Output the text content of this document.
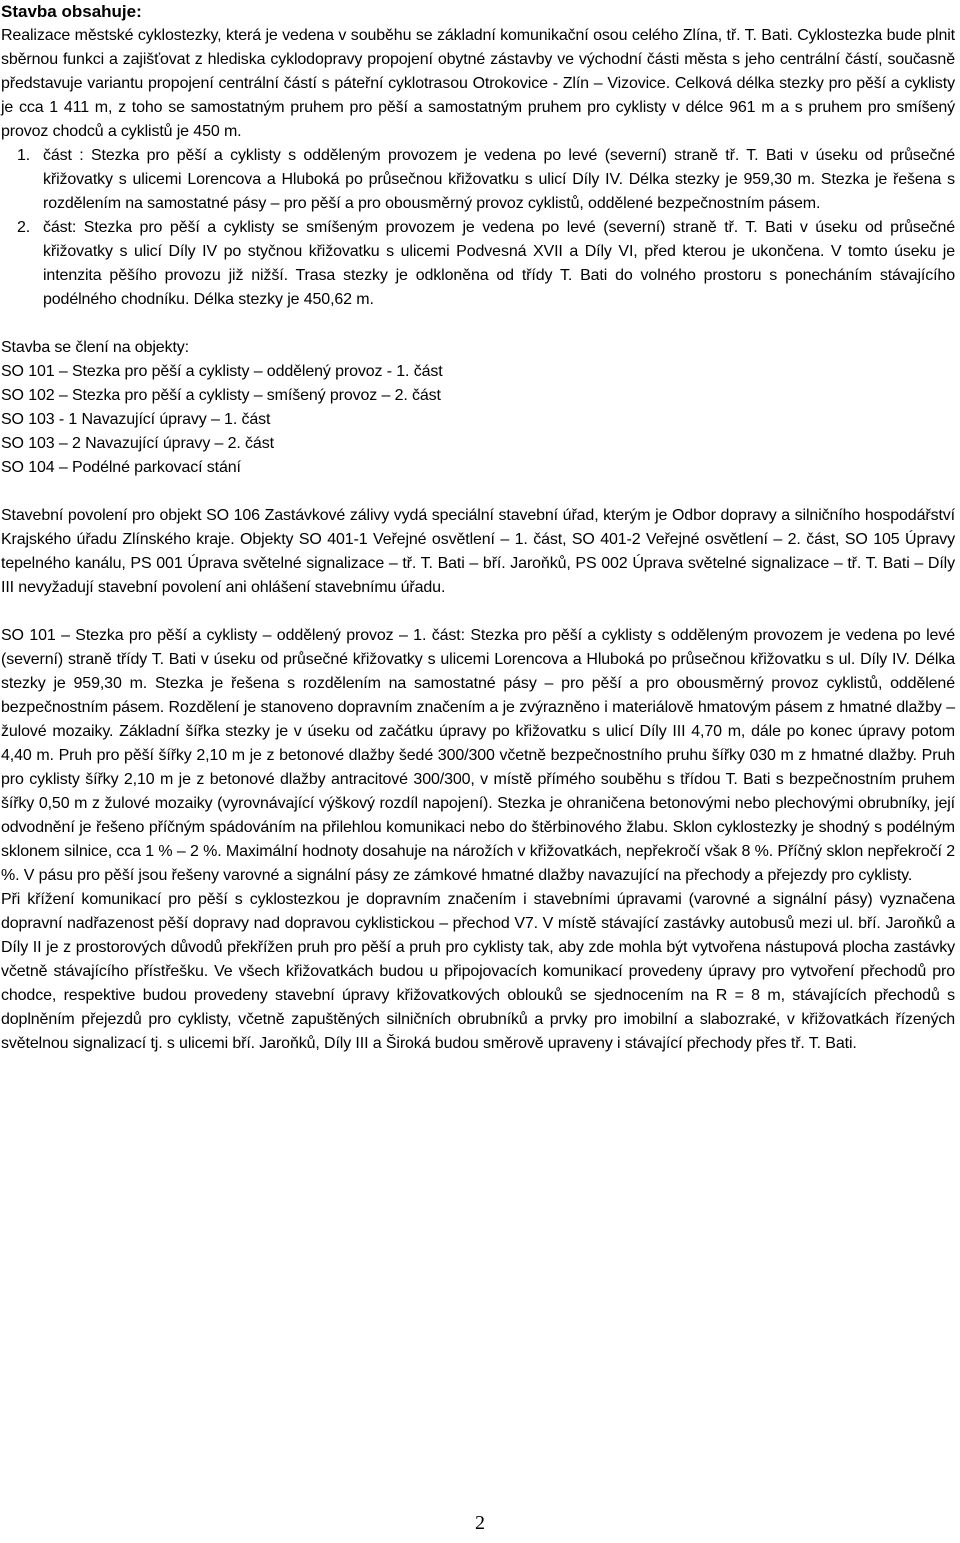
Stavba obsahuje:

Realizace městské cyklostezky, která je vedena v souběhu se základní komunikační osou celého Zlína, tř. T. Bati. Cyklostezka bude plnit sběrnou funkci a zajišťovat z hlediska cyklodopravy propojení obytné zástavby ve východní části města s jeho centrální částí, současně představuje variantu propojení centrální částí s páteřní cyklotrasou Otrokovice - Zlín – Vizovice. Celková délka stezky pro pěší a cyklisty je cca 1 411 m, z toho se samostatným pruhem pro pěší a samostatným pruhem pro cyklisty v délce 961 m a s pruhem pro smíšený provoz chodců a cyklistů je 450 m.

1. část : Stezka pro pěší a cyklisty s odděleným provozem je vedena po levé (severní) straně tř. T. Bati v úseku od průsečné křižovatky s ulicemi Lorencova a Hluboká po průsečnou křižovatku s ulicí Díly IV. Délka stezky je 959,30 m. Stezka je řešena s rozdělením na samostatné pásy – pro pěší a pro obousměrný provoz cyklistů, oddělené bezpečnostním pásem.
2. část: Stezka pro pěší a cyklisty se smíšeným provozem je vedena po levé (severní) straně tř. T. Bati v úseku od průsečné křižovatky s ulicí Díly IV po styčnou křižovatku s ulicemi Podvesná XVII a Díly VI, před kterou je ukončena. V tomto úseku je intenzita pěšího provozu již nižší. Trasa stezky je odkloněna od třídy T. Bati do volného prostoru s ponecháním stávajícího podélného chodníku. Délka stezky je 450,62 m.

Stavba se člení na objekty:

SO 101 – Stezka pro pěší a cyklisty – oddělený provoz - 1. část

SO 102 – Stezka pro pěší a cyklisty – smíšený provoz – 2. část

SO 103 - 1 Navazující úpravy – 1. část

SO 103 – 2 Navazující úpravy – 2. část

SO 104 – Podélné parkovací stání

Stavební povolení pro objekt SO 106 Zastávkové zálivy vydá speciální stavební úřad, kterým je Odbor dopravy a silničního hospodářství Krajského úřadu Zlínského kraje. Objekty SO 401-1 Veřejné osvětlení – 1. část, SO 401-2 Veřejné osvětlení – 2. část, SO 105 Úpravy tepelného kanálu, PS 001 Úprava světelné signalizace – tř. T. Bati – bří. Jaroňků, PS 002 Úprava světelné signalizace – tř. T. Bati – Díly III nevyžadují stavební povolení ani ohlášení stavebnímu úřadu.

SO 101 – Stezka pro pěší a cyklisty – oddělený provoz – 1. část: Stezka pro pěší a cyklisty s odděleným provozem je vedena po levé (severní) straně třídy T. Bati v úseku od průsečné křižovatky s ulicemi Lorencova a Hluboká po průsečnou křižovatku s ul. Díly IV. Délka stezky je 959,30 m. Stezka je řešena s rozdělením na samostatné pásy – pro pěší a pro obousměrný provoz cyklistů, oddělené bezpečnostním pásem. Rozdělení je stanoveno dopravním značením a je zvýrazněno i materiálově hmatovým pásem z hmatné dlažby – žulové mozaiky. Základní šířka stezky je v úseku od začátku úpravy po křižovatku s ulicí Díly III 4,70 m, dále po konec úpravy potom 4,40 m. Pruh pro pěší šířky 2,10 m je z betonové dlažby šedé 300/300 včetně bezpečnostního pruhu šířky 030 m z hmatné dlažby. Pruh pro cyklisty šířky 2,10 m je z betonové dlažby antracitové 300/300, v místě přímého souběhu s třídou T. Bati s bezpečnostním pruhem šířky 0,50 m z žulové mozaiky (vyrovnávající výškový rozdíl napojení). Stezka je ohraničena betonovými nebo plechovými obrubníky, její odvodnění je řešeno příčným spádováním na přilehlou komunikaci nebo do štěrbinového žlabu. Sklon cyklostezky je shodný s podélným sklonem silnice, cca 1 % – 2 %. Maximální hodnoty dosahuje na nárožích v křižovatkách, nepřekročí však 8 %. Příčný sklon nepřekročí 2 %. V pásu pro pěší jsou řešeny varovné a signální pásy ze zámkové hmatné dlažby navazující na přechody a přejezdy pro cyklisty.

Při křížení komunikací pro pěší s cyklostezkou je dopravním značením i stavebními úpravami (varovné a signální pásy) vyznačena dopravní nadřazenost pěší dopravy nad dopravou cyklistickou – přechod V7. V místě stávající zastávky autobusů mezi ul. bří. Jaroňků a Díly II je z prostorových důvodů překřížen pruh pro pěší a pruh pro cyklisty tak, aby zde mohla být vytvořena nástupová plocha zastávky včetně stávajícího přístřešku. Ve všech křižovatkách budou u připojovacích komunikací provedeny úpravy pro vytvoření přechodů pro chodce, respektive budou provedeny stavební úpravy křižovatkových oblouků se sjednocením na R = 8 m, stávajících přechodů s doplněním přejezdů pro cyklisty, včetně zapuštěných silničních obrubníků a prvky pro imobilní a slabozraké, v křižovatkách řízených světelnou signalizací tj. s ulicemi bří. Jaroňků, Díly III a Široká budou směrově upraveny i stávající přechody přes tř. T. Bati.

2
